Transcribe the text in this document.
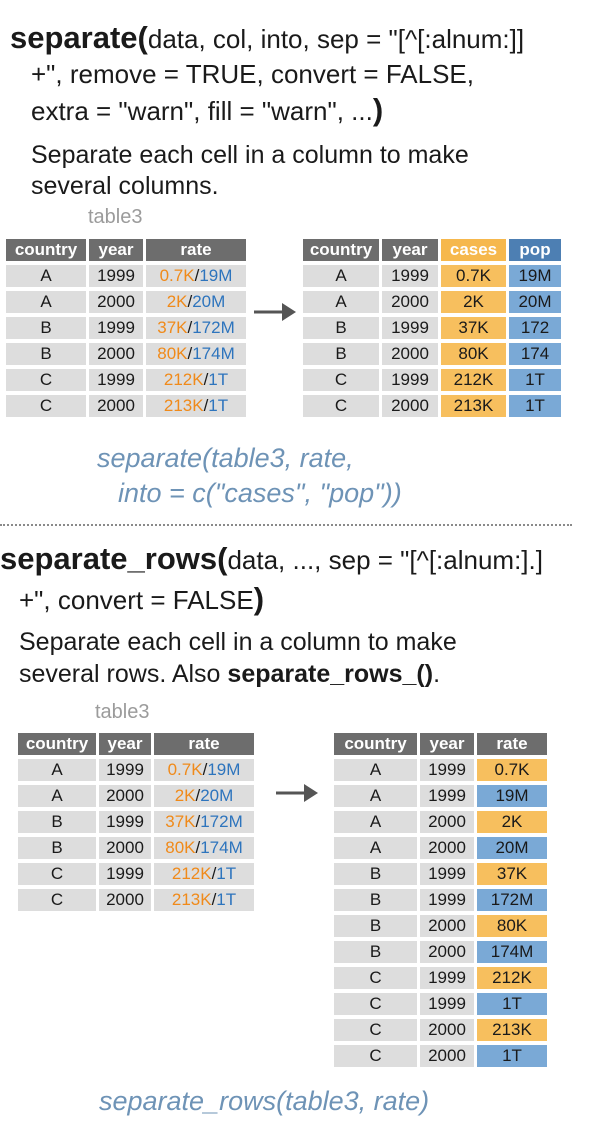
separate(data, col, into, sep = "[^[:alnum:]]
+", remove = TRUE, convert = FALSE,
extra = "warn", fill = "warn", ...)
Separate each cell in a column to make
several columns.
table3
country	year	rate
A	1999	0.7K/19M
A	2000	2K/20M
B	1999	37K/172M
B	2000	80K/174M
C	1999	212K/1T
C	2000	213K/1T
country	year	cases	pop
A	1999	0.7K	19M
A	2000	2K	20M
B	1999	37K	172
B	2000	80K	174
C	1999	212K	1T
C	2000	213K	1T
separate(table3, rate,
into = c("cases", "pop"))
separate_rows(data, ..., sep = "[^[:alnum:].]
+", convert = FALSE)
Separate each cell in a column to make
several rows. Also separate_rows_().
table3
country	year	rate
A	1999	0.7K/19M
A	2000	2K/20M
B	1999	37K/172M
B	2000	80K/174M
C	1999	212K/1T
C	2000	213K/1T
country	year	rate
A	1999	0.7K
A	1999	19M
A	2000	2K
A	2000	20M
B	1999	37K
B	1999	172M
B	2000	80K
B	2000	174M
C	1999	212K
C	1999	1T
C	2000	213K
C	2000	1T
separate_rows(table3, rate)
